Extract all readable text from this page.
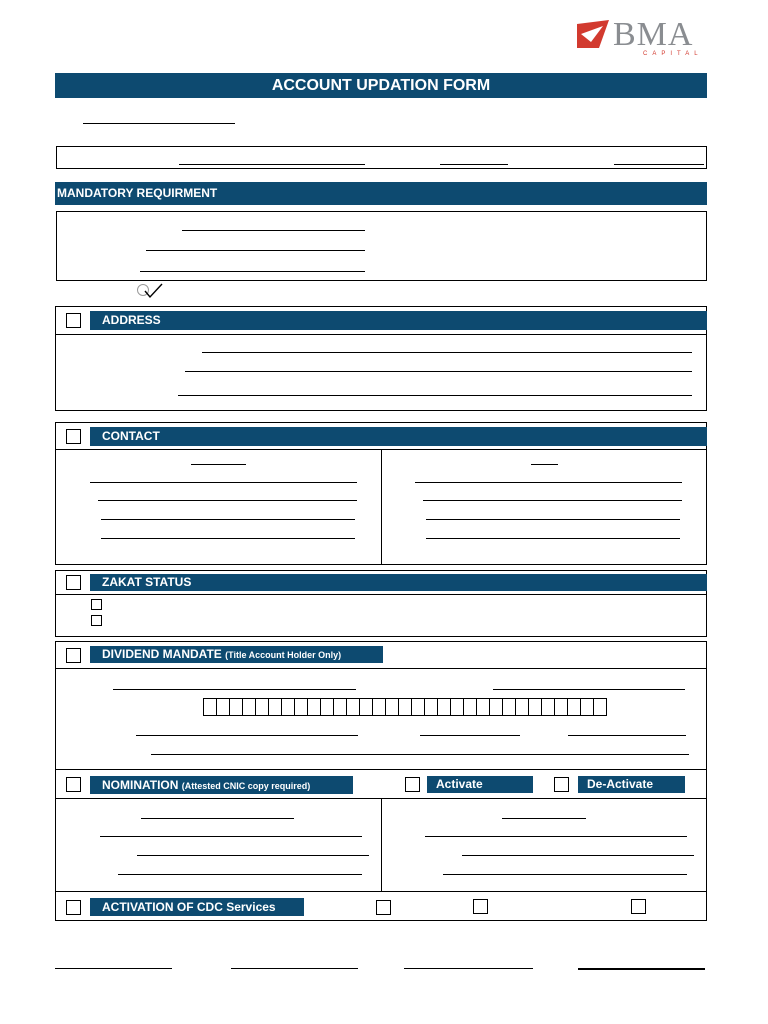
BMA
CAPITAL
ACCOUNT UPDATION FORM
MANDATORY REQUIRMENT
ADDRESS
CONTACT
ZAKAT STATUS
DIVIDEND MANDATE (Title Account Holder Only)
NOMINATION (Attested CNIC copy required)	Activate	De-Activate
ACTIVATION OF CDC Services
